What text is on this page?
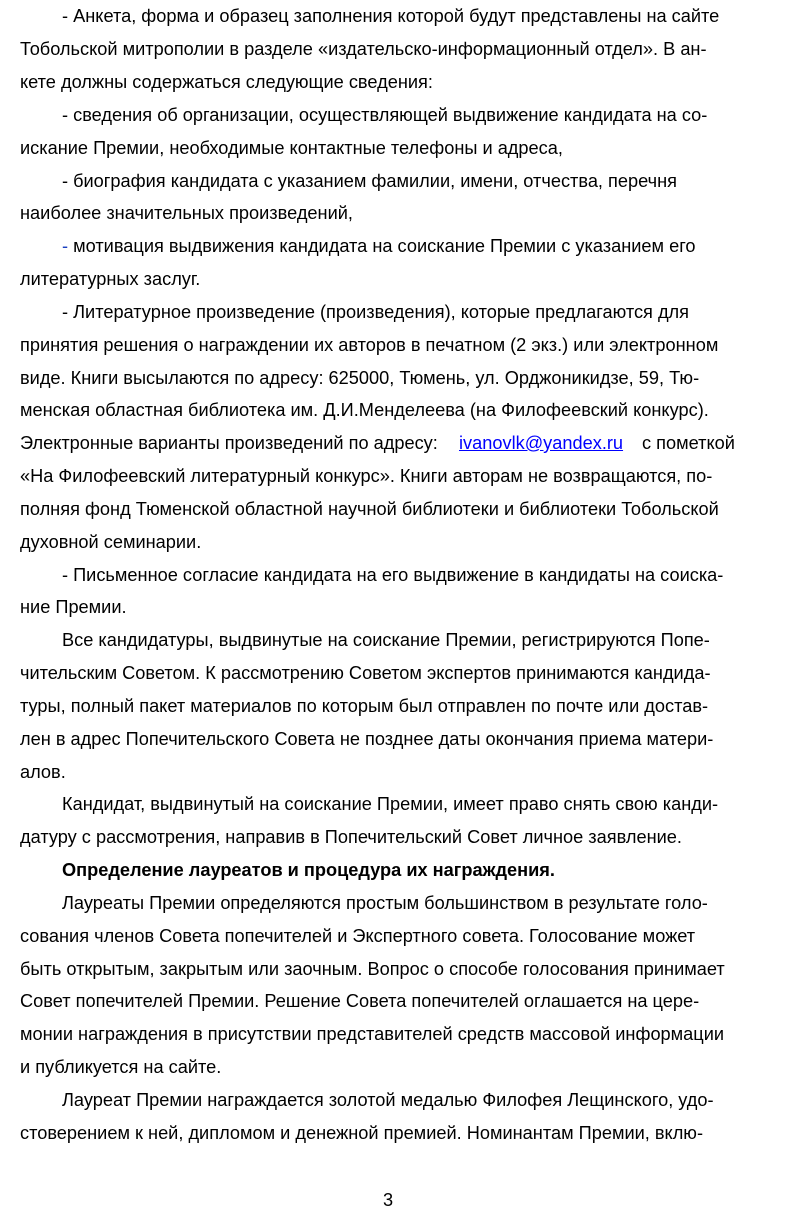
- Анкета, форма и образец заполнения которой будут представлены на сайте
Тобольской митрополии в разделе «издательско-информационный отдел». В ан-
кете должны содержаться следующие сведения:
- сведения об организации, осуществляющей выдвижение кандидата на со-
искание Премии, необходимые контактные телефоны и адреса,
- биография кандидата с указанием фамилии, имени, отчества, перечня
наиболее значительных произведений,
- мотивация выдвижения кандидата на соискание Премии с указанием его
литературных заслуг.
- Литературное произведение (произведения), которые предлагаются для
принятия решения о награждении их авторов в печатном (2 экз.) или электронном
виде. Книги высылаются по адресу: 625000, Тюмень, ул. Орджоникидзе, 59, Тю-
менская областная библиотека им. Д.И.Менделеева (на Филофеевский конкурс).
Электронные варианты произведений по адресу: ivanovlk@yandex.ru с пометкой
«На Филофеевский литературный конкурс». Книги авторам не возвращаются, по-
полняя фонд Тюменской областной научной библиотеки и библиотеки Тобольской
духовной семинарии.
- Письменное согласие кандидата на его выдвижение в кандидаты на соиска-
ние Премии.
Все кандидатуры, выдвинутые на соискание Премии, регистрируются Попе-
чительским Советом. К рассмотрению Советом экспертов принимаются кандида-
туры, полный пакет материалов по которым был отправлен по почте или достав-
лен в адрес Попечительского Совета не позднее даты окончания приема матери-
алов.
Кандидат, выдвинутый на соискание Премии, имеет право снять свою канди-
датуру с рассмотрения, направив в Попечительский Совет личное заявление.
Определение лауреатов и процедура их награждения.
Лауреаты Премии определяются простым большинством в результате голо-
сования членов Совета попечителей и Экспертного совета. Голосование может
быть открытым, закрытым или заочным. Вопрос о способе голосования принимает
Совет попечителей Премии. Решение Совета попечителей оглашается на цере-
монии награждения в присутствии представителей средств массовой информации
и публикуется на сайте.
Лауреат Премии награждается золотой медалью Филофея Лещинского, удо-
стоверением к ней, дипломом и денежной премией. Номинантам Премии, вклю-
3
